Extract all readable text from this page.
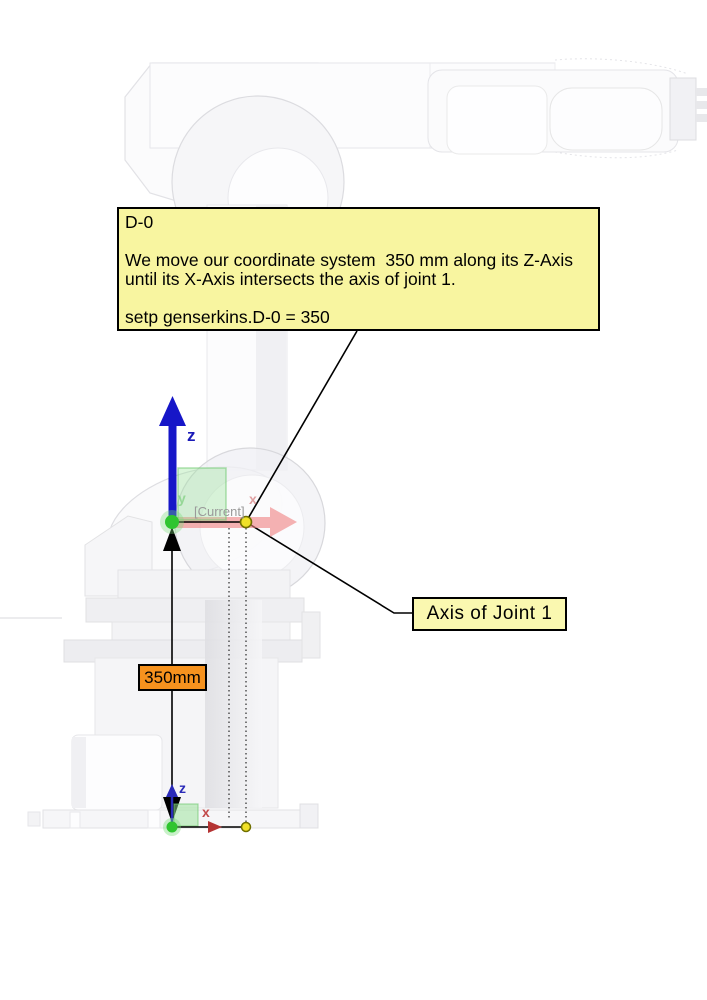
D-0
We move our coordinate system  350 mm along its Z-Axis
until its X-Axis intersects the axis of joint 1.
setp genserkins.D-0 = 350
Axis of Joint 1
350mm
z
x
y
[Current]
z
x
